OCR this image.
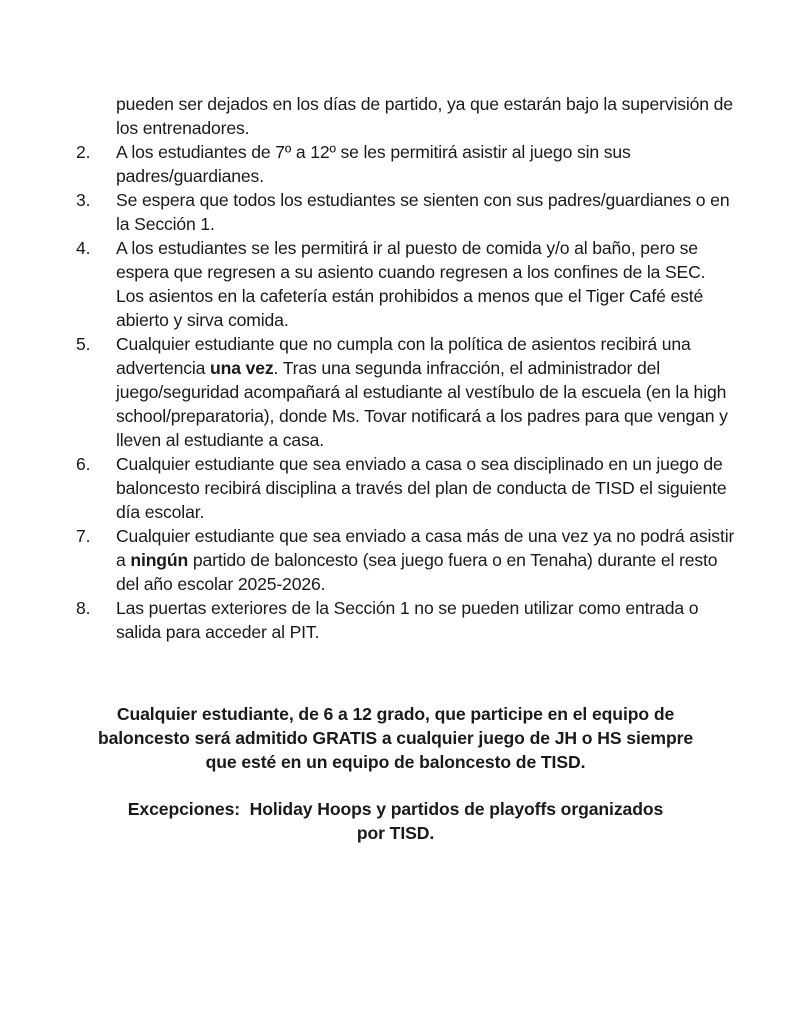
pueden ser dejados en los días de partido, ya que estarán bajo la supervisión de los entrenadores.
2. A los estudiantes de 7º a 12º se les permitirá asistir al juego sin sus padres/guardianes.
3. Se espera que todos los estudiantes se sienten con sus padres/guardianes o en la Sección 1.
4. A los estudiantes se les permitirá ir al puesto de comida y/o al baño, pero se espera que regresen a su asiento cuando regresen a los confines de la SEC. Los asientos en la cafetería están prohibidos a menos que el Tiger Café esté abierto y sirva comida.
5. Cualquier estudiante que no cumpla con la política de asientos recibirá una advertencia una vez. Tras una segunda infracción, el administrador del juego/seguridad acompañará al estudiante al vestíbulo de la escuela (en la high school/preparatoria), donde Ms. Tovar notificará a los padres para que vengan y lleven al estudiante a casa.
6. Cualquier estudiante que sea enviado a casa o sea disciplinado en un juego de baloncesto recibirá disciplina a través del plan de conducta de TISD el siguiente día escolar.
7. Cualquier estudiante que sea enviado a casa más de una vez ya no podrá asistir a ningún partido de baloncesto (sea juego fuera o en Tenaha) durante el resto del año escolar 2025-2026.
8. Las puertas exteriores de la Sección 1 no se pueden utilizar como entrada o salida para acceder al PIT.
Cualquier estudiante, de 6 a 12 grado, que participe en el equipo de
baloncesto será admitido GRATIS a cualquier juego de JH o HS siempre
que esté en un equipo de baloncesto de TISD.
Excepciones:  Holiday Hoops y partidos de playoffs organizados
por TISD.
